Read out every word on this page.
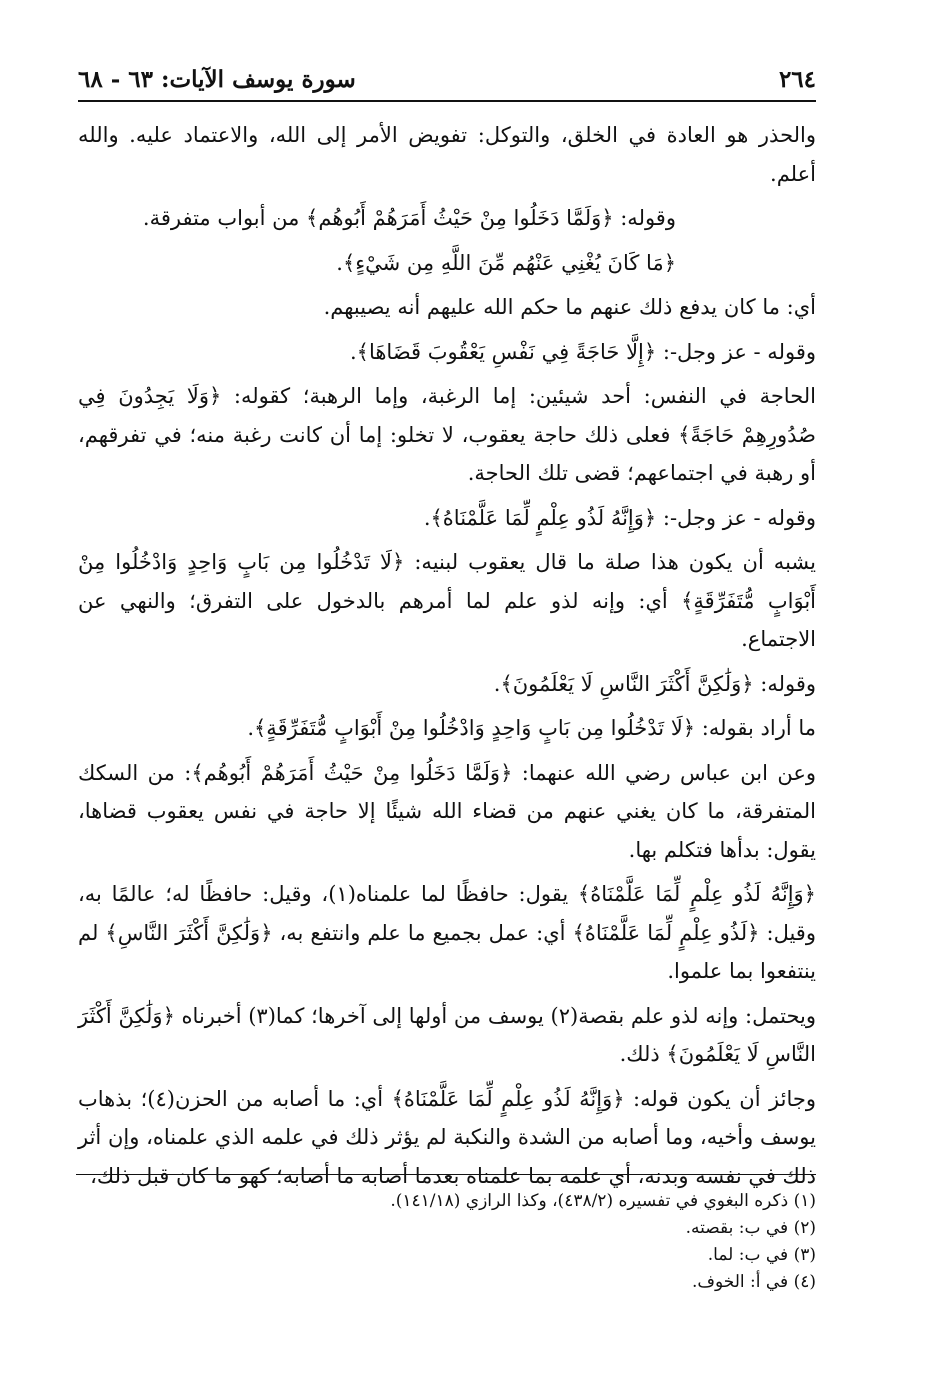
٢٦٤
سورة يوسف الآيات: ٦٣ - ٦٨

والحذر هو العادة في الخلق، والتوكل: تفويض الأمر إلى الله، والاعتماد عليه. والله أعلم.

وقوله: ﴿وَلَمَّا دَخَلُوا مِنْ حَيْثُ أَمَرَهُمْ أَبُوهُم﴾ من أبواب متفرقة.

﴿مَا كَانَ يُغْنِي عَنْهُم مِّنَ اللَّهِ مِن شَيْءٍ﴾.

أي: ما كان يدفع ذلك عنهم ما حكم الله عليهم أنه يصيبهم.

وقوله - عز وجل-: ﴿إِلَّا حَاجَةً فِي نَفْسِ يَعْقُوبَ قَضَاهَا﴾.

الحاجة في النفس: أحد شيئين: إما الرغبة، وإما الرهبة؛ كقوله: ﴿وَلَا يَجِدُونَ فِي صُدُورِهِمْ حَاجَةً﴾ فعلى ذلك حاجة يعقوب، لا تخلو: إما أن كانت رغبة منه؛ في تفرقهم، أو رهبة في اجتماعهم؛ قضى تلك الحاجة.

وقوله - عز وجل-: ﴿وَإِنَّهُ لَذُو عِلْمٍ لِّمَا عَلَّمْنَاهُ﴾.

يشبه أن يكون هذا صلة ما قال يعقوب لبنيه: ﴿لَا تَدْخُلُوا مِن بَابٍ وَاحِدٍ وَادْخُلُوا مِنْ أَبْوَابٍ مُّتَفَرِّقَةٍ﴾ أي: وإنه لذو علم لما أمرهم بالدخول على التفرق؛ والنهي عن الاجتماع.

وقوله: ﴿وَلَٰكِنَّ أَكْثَرَ النَّاسِ لَا يَعْلَمُونَ﴾.

ما أراد بقوله: ﴿لَا تَدْخُلُوا مِن بَابٍ وَاحِدٍ وَادْخُلُوا مِنْ أَبْوَابٍ مُّتَفَرِّقَةٍ﴾.

وعن ابن عباس رضي الله عنهما: ﴿وَلَمَّا دَخَلُوا مِنْ حَيْثُ أَمَرَهُمْ أَبُوهُم﴾: من السكك المتفرقة، ما كان يغني عنهم من قضاء الله شيئًا إلا حاجة في نفس يعقوب قضاها، يقول: بدأها فتكلم بها.

﴿وَإِنَّهُ لَذُو عِلْمٍ لِّمَا عَلَّمْنَاهُ﴾ يقول: حافظًا لما علمناه(١)، وقيل: حافظًا له؛ عالمًا به، وقيل: ﴿لَذُو عِلْمٍ لِّمَا عَلَّمْنَاهُ﴾ أي: عمل بجميع ما علم وانتفع به، ﴿وَلَٰكِنَّ أَكْثَرَ النَّاسِ﴾ لم ينتفعوا بما علموا.

ويحتمل: وإنه لذو علم بقصة(٢) يوسف من أولها إلى آخرها؛ كما(٣) أخبرناه ﴿وَلَٰكِنَّ أَكْثَرَ النَّاسِ لَا يَعْلَمُونَ﴾ ذلك.

وجائز أن يكون قوله: ﴿وَإِنَّهُ لَذُو عِلْمٍ لِّمَا عَلَّمْنَاهُ﴾ أي: ما أصابه من الحزن(٤)؛ بذهاب يوسف وأخيه، وما أصابه من الشدة والنكبة لم يؤثر ذلك في علمه الذي علمناه، وإن أثر ذلك في نفسه وبدنه، أي علمه بما علمناه بعدما أصابه ما أصابه؛ كهو ما كان قبل ذلك،

(١) ذكره البغوي في تفسيره (٤٣٨/٢)، وكذا الرازي (١٤١/١٨).

(٢) في ب: بقصته.

(٣) في ب: لما.

(٤) في أ: الخوف.
